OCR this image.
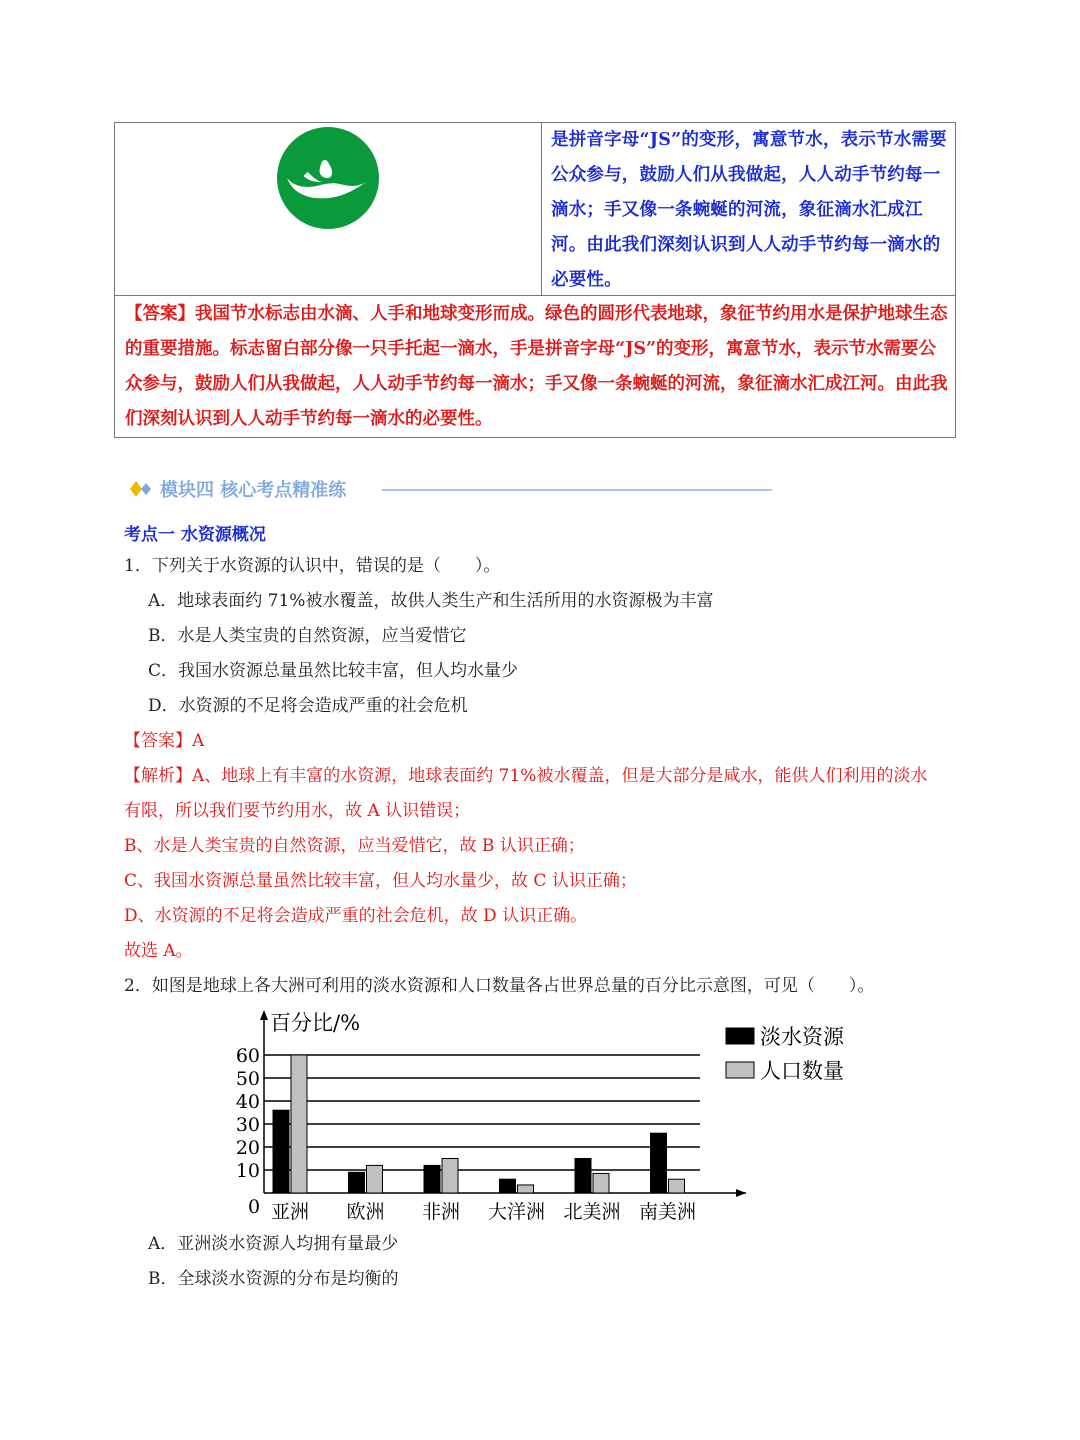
是拼音字母“JS”的变形，寓意节水，表示节水需要公众参与，鼓励人们从我做起，人人动手节约每一滴水；手又像一条蜿蜒的河流，象征滴水汇成江河。由此我们深刻认识到人人动手节约每一滴水的必要性。
【答案】我国节水标志由水滴、人手和地球变形而成。绿色的圆形代表地球，象征节约用水是保护地球生态的重要措施。标志留白部分像一只手托起一滴水，手是拼音字母“JS”的变形，寓意节水，表示节水需要公众参与，鼓励人们从我做起，人人动手节约每一滴水；手又像一条蜿蜒的河流，象征滴水汇成江河。由此我们深刻认识到人人动手节约每一滴水的必要性。
模块四 核心考点精准练
考点一 水资源概况
1．下列关于水资源的认识中，错误的是（　　）。
A．地球表面约 71%被水覆盖，故供人类生产和生活所用的水资源极为丰富
B．水是人类宝贵的自然资源，应当爱惜它
C．我国水资源总量虽然比较丰富，但人均水量少
D．水资源的不足将会造成严重的社会危机
【答案】A
【解析】A、地球上有丰富的水资源，地球表面约 71%被水覆盖，但是大部分是咸水，能供人们利用的淡水
有限，所以我们要节约用水，故 A 认识错误；
B、水是人类宝贵的自然资源，应当爱惜它，故 B 认识正确；
C、我国水资源总量虽然比较丰富，但人均水量少，故 C 认识正确；
D、水资源的不足将会造成严重的社会危机，故 D 认识正确。
故选 A。
2．如图是地球上各大洲可利用的淡水资源和人口数量各占世界总量的百分比示意图，可见（　　）。
10
20
30
40
50
60
百分比/%
0 亚洲 欧洲 非洲 大洋洲 北美洲 南美洲
淡水资源
人口数量
A．亚洲淡水资源人均拥有量最少
B．全球淡水资源的分布是均衡的
